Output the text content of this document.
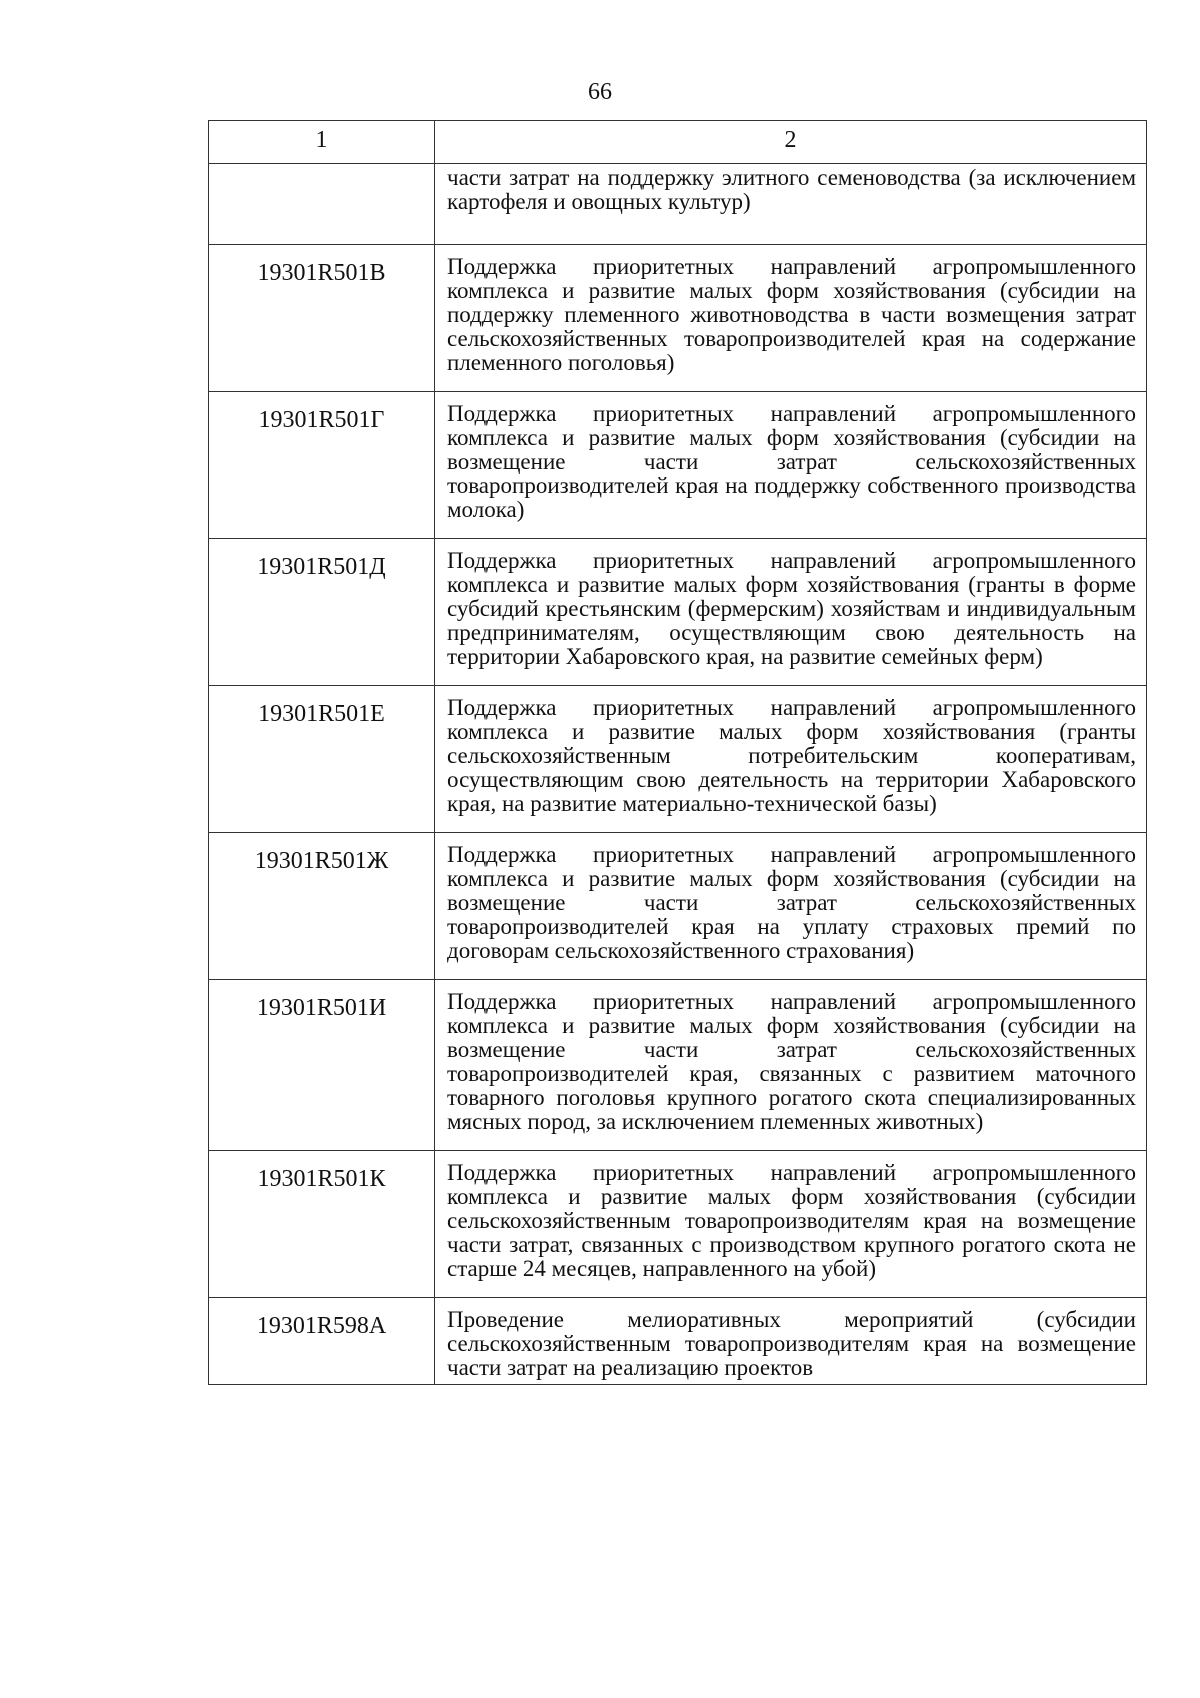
66
1	2
	части затрат на поддержку элитного семеноводства (за исключением картофеля и овощных культур)
19301R501В	Поддержка приоритетных направлений агропромышленного комплекса и развитие малых форм хозяйствования (субсидии на поддержку племенного животноводства в части возмещения затрат сельскохозяйственных товаропроизводителей края на содержание племенного поголовья)
19301R501Г	Поддержка приоритетных направлений агропромышленного комплекса и развитие малых форм хозяйствования (субсидии на возмещение части затрат сельскохозяйственных товаропроизводителей края на поддержку собственного производства молока)
19301R501Д	Поддержка приоритетных направлений агропромышленного комплекса и развитие малых форм хозяйствования (гранты в форме субсидий крестьянским (фермерским) хозяйствам и индивидуальным предпринимателям, осуществляющим свою деятельность на территории Хабаровского края, на развитие семейных ферм)
19301R501Е	Поддержка приоритетных направлений агропромышленного комплекса и развитие малых форм хозяйствования (гранты сельскохозяйственным потребительским кооперативам, осуществляющим свою деятельность на территории Хабаровского края, на развитие материально-технической базы)
19301R501Ж	Поддержка приоритетных направлений агропромышленного комплекса и развитие малых форм хозяйствования (субсидии на возмещение части затрат сельскохозяйственных товаропроизводителей края на уплату страховых премий по договорам сельскохозяйственного страхования)
19301R501И	Поддержка приоритетных направлений агропромышленного комплекса и развитие малых форм хозяйствования (субсидии на возмещение части затрат сельскохозяйственных товаропроизводителей края, связанных с развитием маточного товарного поголовья крупного рогатого скота специализированных мясных пород, за исключением племенных животных)
19301R501К	Поддержка приоритетных направлений агропромышленного комплекса и развитие малых форм хозяйствования (субсидии сельскохозяйственным товаропроизводителям края на возмещение части затрат, связанных с производством крупного рогатого скота не старше 24 месяцев, направленного на убой)
19301R598А	Проведение мелиоративных мероприятий (субсидии сельскохозяйственным товаропроизводителям края на возмещение части затрат на реализацию проектов
